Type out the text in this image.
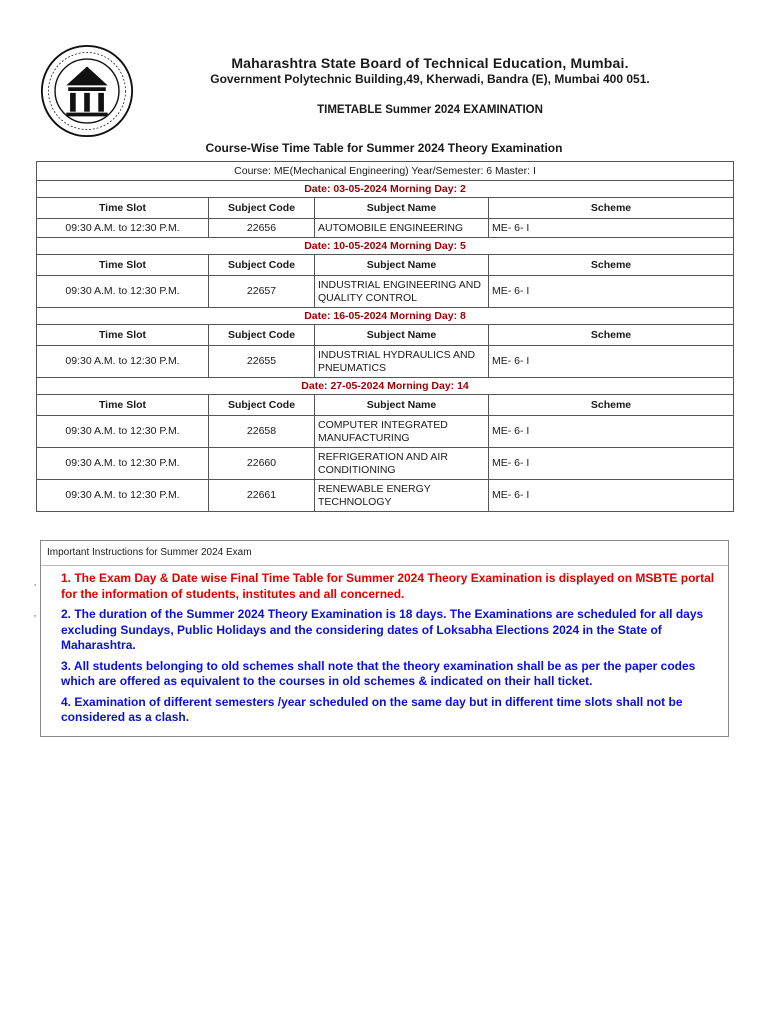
Maharashtra State Board of Technical Education, Mumbai.
Government Polytechnic Building,49, Kherwadi, Bandra (E), Mumbai 400 051.
TIMETABLE Summer 2024 EXAMINATION
Course-Wise Time Table for Summer 2024 Theory Examination
Course: ME(Mechanical Engineering) Year/Semester: 6 Master: I			
Date: 03-05-2024 Morning Day: 2			
Time Slot	Subject Code	Subject Name	Scheme
09:30 A.M. to 12:30 P.M.	22656	AUTOMOBILE ENGINEERING	ME- 6- I
Date: 10-05-2024 Morning Day: 5			
Time Slot	Subject Code	Subject Name	Scheme
09:30 A.M. to 12:30 P.M.	22657	INDUSTRIAL ENGINEERING AND QUALITY CONTROL	ME- 6- I
Date: 16-05-2024 Morning Day: 8			
Time Slot	Subject Code	Subject Name	Scheme
09:30 A.M. to 12:30 P.M.	22655	INDUSTRIAL HYDRAULICS AND PNEUMATICS	ME- 6- I
Date: 27-05-2024 Morning Day: 14			
Time Slot	Subject Code	Subject Name	Scheme
09:30 A.M. to 12:30 P.M.	22658	COMPUTER INTEGRATED MANUFACTURING	ME- 6- I
09:30 A.M. to 12:30 P.M.	22660	REFRIGERATION AND AIR CONDITIONING	ME- 6- I
09:30 A.M. to 12:30 P.M.	22661	RENEWABLE ENERGY TECHNOLOGY	ME- 6- I
Important Instructions for Summer 2024 Exam

1. The Exam Day & Date wise Final Time Table for Summer 2024 Theory Examination is displayed on MSBTE portal for the information of students, institutes and all concerned.

2. The duration of the Summer 2024 Theory Examination is 18 days. The Examinations are scheduled for all days excluding Sundays, Public Holidays and the considering dates of Loksabha Elections 2024 in the State of Maharashtra.

3. All students belonging to old schemes shall note that the theory examination shall be as per the paper codes which are offered as equivalent to the courses in old schemes & indicated on their hall ticket.

4. Examination of different semesters /year scheduled on the same day but in different time slots shall not be considered as a clash.

‚
‚
